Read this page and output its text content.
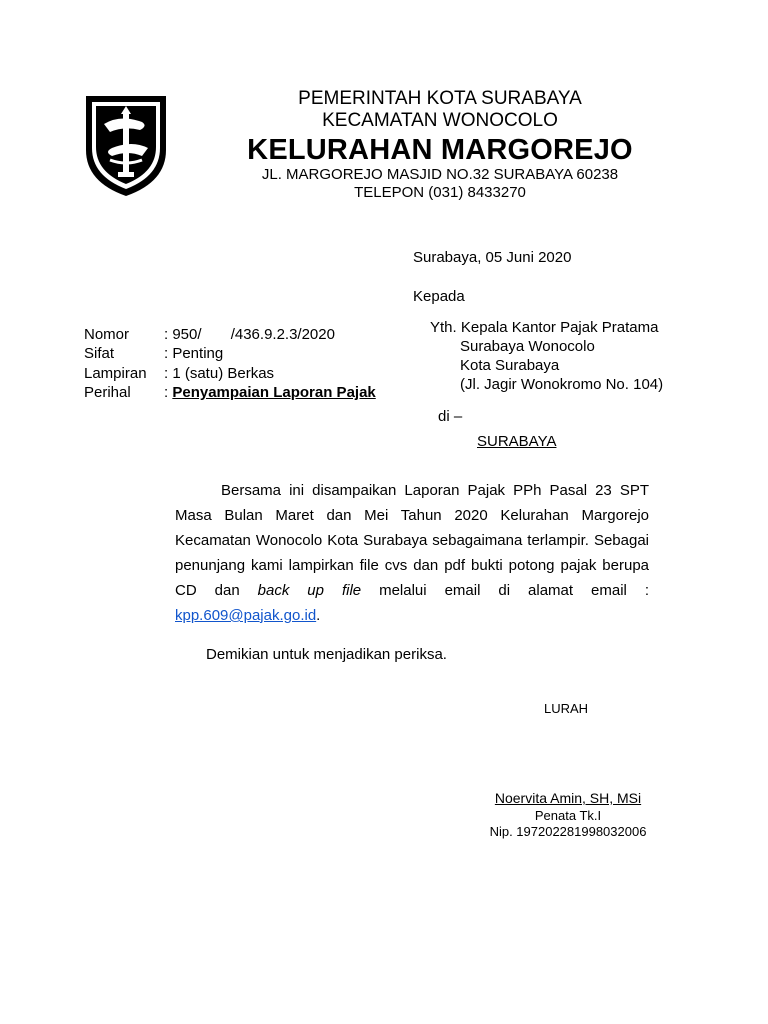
PEMERINTAH KOTA SURABAYA
KECAMATAN WONOCOLO
KELURAHAN MARGOREJO
JL. MARGOREJO MASJID NO.32 SURABAYA 60238
TELEPON (031) 8433270
Surabaya, 05 Juni 2020
Kepada
Yth. Kepala Kantor Pajak Pratama
Surabaya Wonocolo
Kota Surabaya
(Jl. Jagir Wonokromo No. 104)
di –
SURABAYA
Nomor : 950/       /436.9.2.3/2020
Sifat	: Penting
Lampiran : 1 (satu) Berkas
Perihal : Penyampaian Laporan Pajak
Bersama ini disampaikan Laporan Pajak PPh Pasal 23 SPT Masa Bulan Maret dan Mei Tahun 2020 Kelurahan Margorejo Kecamatan Wonocolo Kota Surabaya sebagaimana terlampir. Sebagai penunjang kami lampirkan file cvs dan pdf bukti potong pajak berupa CD dan back up file melalui email di alamat email : kpp.609@pajak.go.id.
Demikian untuk menjadikan periksa.
LURAH
Noervita Amin, SH, MSi
Penata Tk.I
Nip. 197202281998032006
